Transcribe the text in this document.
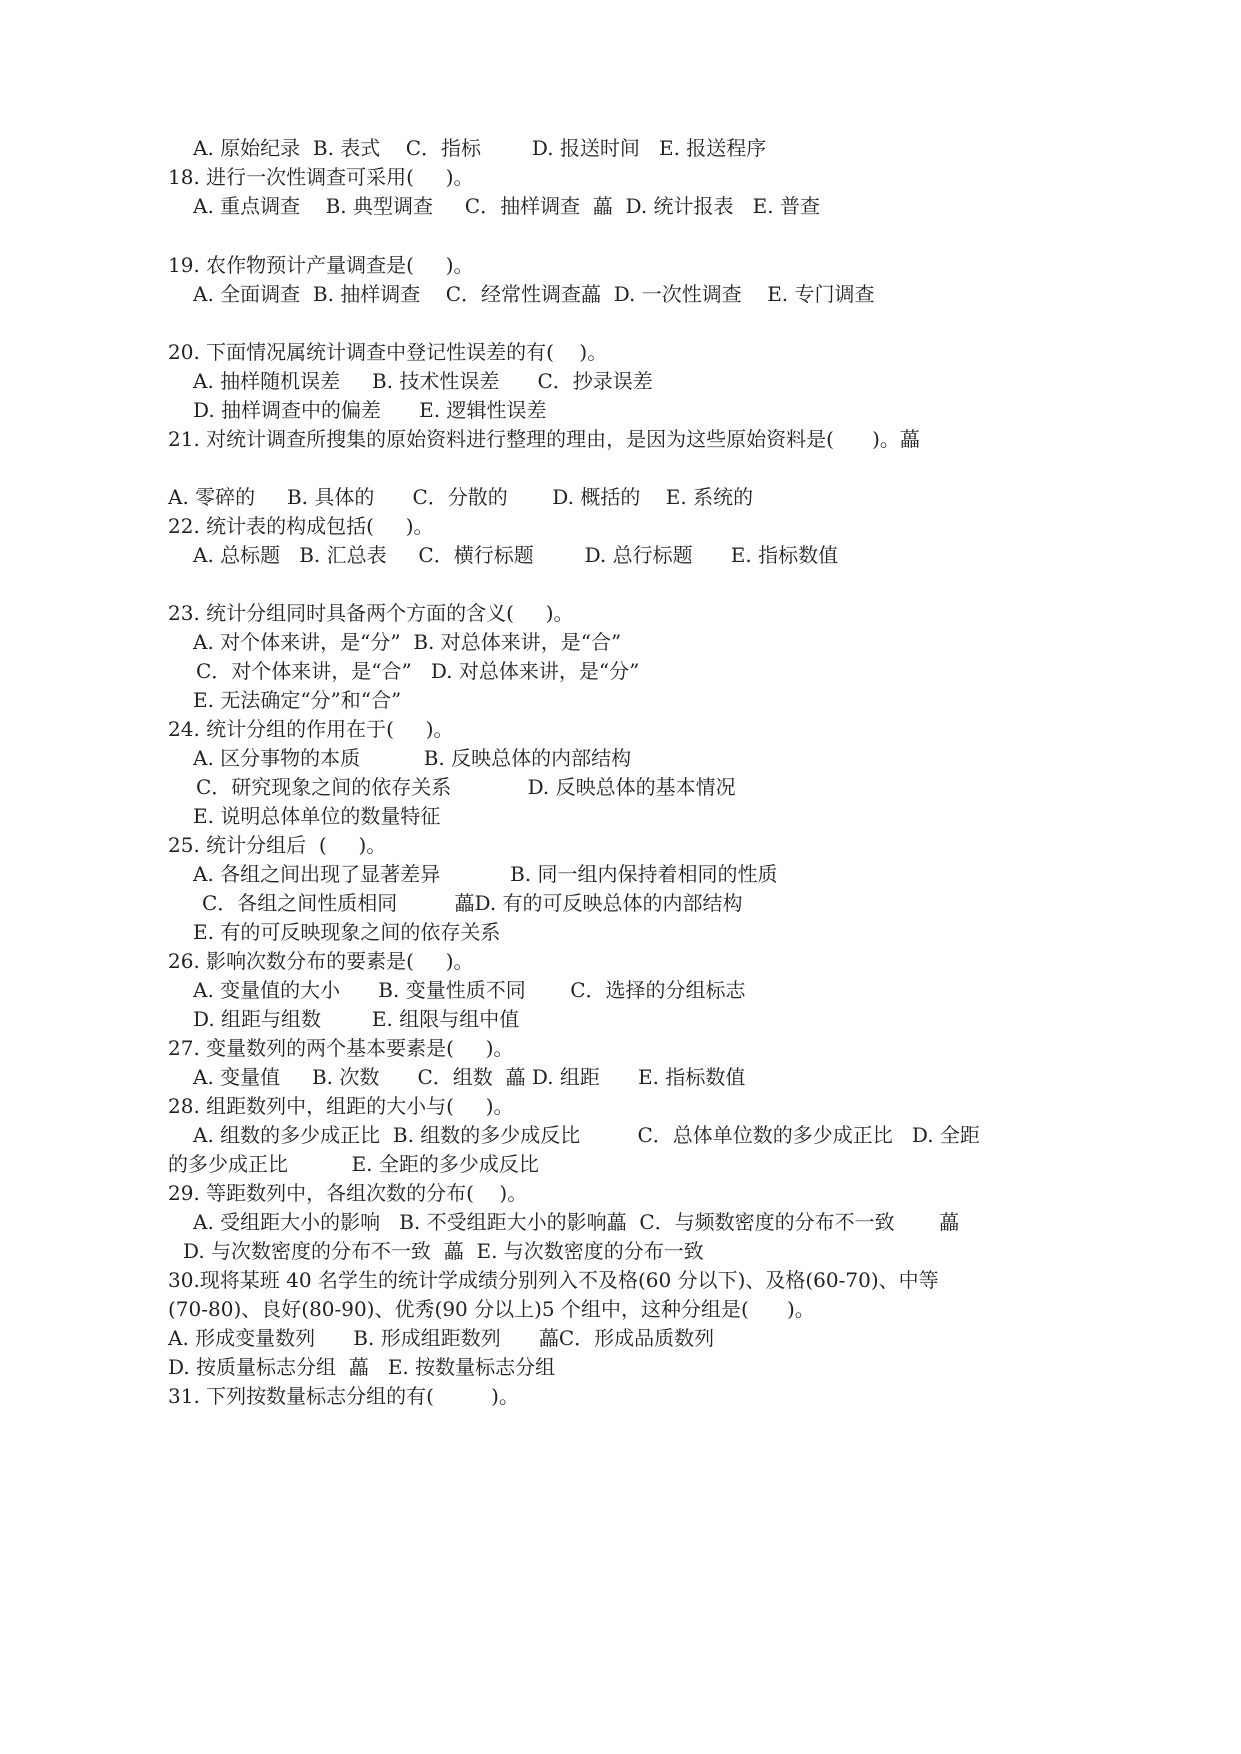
A. 原始纪录  B. 表式    C．指标        D. 报送时间   E. 报送程序
18. 进行一次性调查可采用(     )。
A. 重点调查    B. 典型调查     C．抽样调查  藟  D. 统计报表   E. 普查
19. 农作物预计产量调查是(     )。
A. 全面调查  B. 抽样调查    C．经常性调查藟  D. 一次性调查    E. 专门调查
20. 下面情况属统计调查中登记性误差的有(    )。
A. 抽样随机误差     B. 技术性误差      C．抄录误差
D. 抽样调查中的偏差      E. 逻辑性误差
21. 对统计调查所搜集的原始资料进行整理的理由，是因为这些原始资料是(      )。藟
A. 零碎的     B. 具体的      C．分散的       D. 概括的    E. 系统的
22. 统计表的构成包括(     )。
A. 总标题   B. 汇总表     C．横行标题        D. 总行标题      E. 指标数值
23. 统计分组同时具备两个方面的含义(     )。
A. 对个体来讲，是“分”  B. 对总体来讲，是“合”
C．对个体来讲，是“合”   D. 对总体来讲，是“分”
E. 无法确定“分”和“合”
24. 统计分组的作用在于(     )。
A. 区分事物的本质          B. 反映总体的内部结构
C．研究现象之间的依存关系            D. 反映总体的基本情况
E. 说明总体单位的数量特征
25. 统计分组后  (     )。
A. 各组之间出现了显著差异           B. 同一组内保持着相同的性质
C．各组之间性质相同         藟D. 有的可反映总体的内部结构
E. 有的可反映现象之间的依存关系
26. 影响次数分布的要素是(     )。
A. 变量值的大小      B. 变量性质不同       C．选择的分组标志
D. 组距与组数        E. 组限与组中值
27. 变量数列的两个基本要素是(     )。
A. 变量值     B. 次数      C．组数  藟 D. 组距      E. 指标数值
28. 组距数列中，组距的大小与(     )。
A. 组数的多少成正比  B. 组数的多少成反比         C．总体单位数的多少成正比   D. 全距
的多少成正比          E. 全距的多少成反比
29. 等距数列中，各组次数的分布(    )。
A. 受组距大小的影响   B. 不受组距大小的影响藟  C．与频数密度的分布不一致       藟
D. 与次数密度的分布不一致  藟  E. 与次数密度的分布一致
30.现将某班 40 名学生的统计学成绩分别列入不及格(60 分以下)、及格(60-70)、中等
(70-80)、良好(80-90)、优秀(90 分以上)5 个组中，这种分组是(      )。
A. 形成变量数列      B. 形成组距数列      藟C．形成品质数列
D. 按质量标志分组  藟   E. 按数量标志分组
31. 下列按数量标志分组的有(         )。
